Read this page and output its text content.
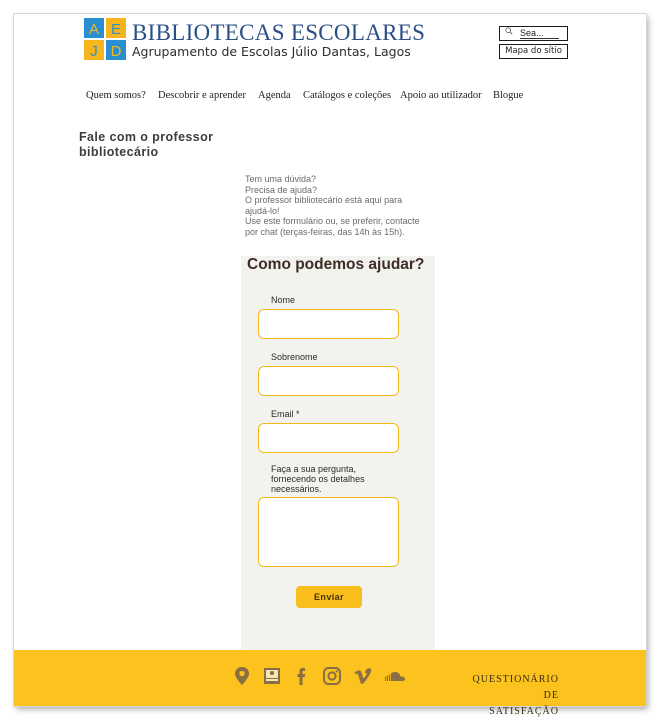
A E
J D
BIBLIOTECAS ESCOLARES
Agrupamento de Escolas Júlio Dantas, Lagos
Sea...
Mapa do sítio
Quem somos? Descobrir e aprender Agenda Catálogos e coleções Apoio ao utilizador Blogue
Fale com o professor
bibliotecário
Tem uma dúvida?
Precisa de ajuda?
O professor bibliotecário está aqui para
ajudá-lo!
Use este formulário ou, se preferir, contacte
por chat (terças-feiras, das 14h às 15h).
Como podemos ajudar?
Nome
Sobrenome
Email *
Faça a sua pergunta,
fornecendo os detalhes
necessários.
Enviar
QUESTIONÁRIO DE
SATISFAÇÃO
